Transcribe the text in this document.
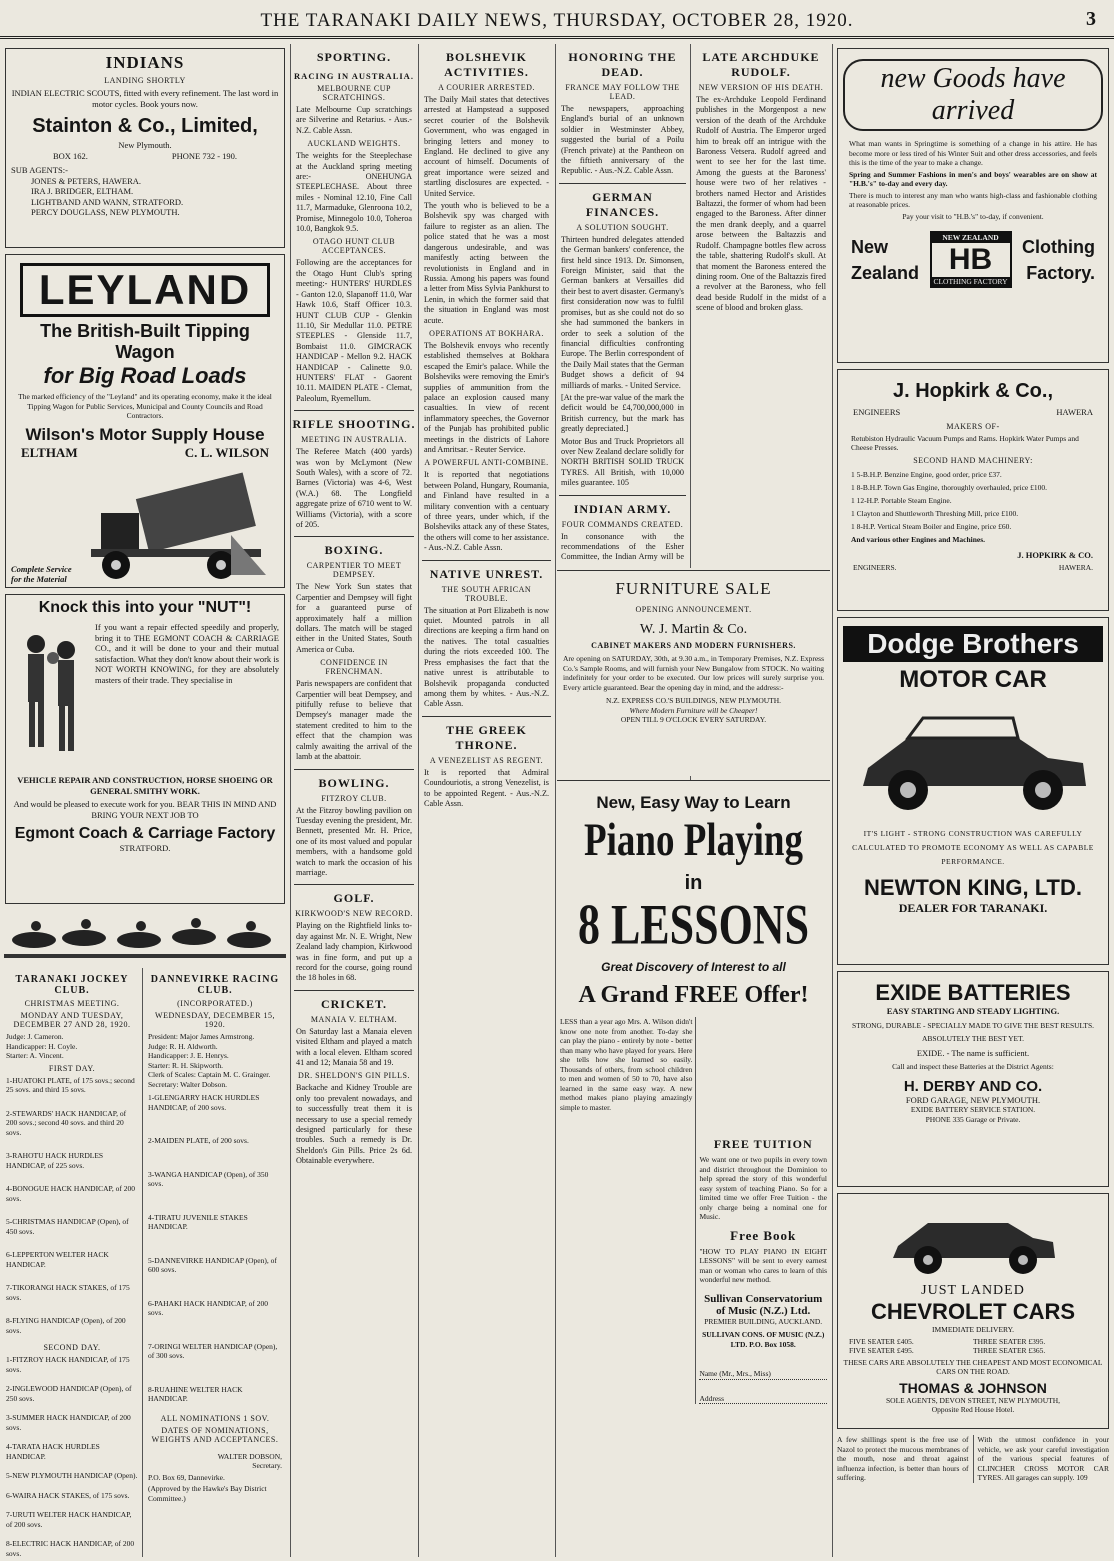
THE TARANAKI DAILY NEWS, THURSDAY, OCTOBER 28, 1920.	3
INDIANS
LANDING SHORTLY
INDIAN ELECTRIC SCOUTS, fitted with every refinement. The last word in motor cycles. Book yours now.
Stainton & Co., Limited,
New Plymouth.
BOX 162.	PHONE 732 - 190.
SUB AGENTS:-
JONES & PETERS, HAWERA.
IRA J. BRIDGER, ELTHAM.
LIGHTBAND AND WANN, STRATFORD.
PERCY DOUGLASS, NEW PLYMOUTH.
LEYLAND
The British-Built Tipping Wagon
for Big Road Loads
The marked efficiency of the "Leyland" and its operating economy, make it the ideal Tipping Wagon for Public Services, Municipal and County Councils and Road Contractors.
Wilson's Motor Supply House
ELTHAM	C. L. WILSON
Complete Service for the Material
Knock this into your "NUT"!
If you want a repair effected speedily and properly, bring it to THE EGMONT COACH & CARRIAGE CO., and it will be done to your and their mutual satisfaction. What they don't know about their work is NOT WORTH KNOWING, for they are absolutely masters of their trade. They specialise in
VEHICLE REPAIR AND CONSTRUCTION, HORSE SHOEING OR GENERAL SMITHY WORK.
And would be pleased to execute work for you. BEAR THIS IN MIND AND BRING YOUR NEXT JOB TO
Egmont Coach & Carriage Factory
STRATFORD.
TARANAKI JOCKEY CLUB.
CHRISTMAS MEETING.
MONDAY AND TUESDAY, DECEMBER 27 AND 28, 1920.
Judge: J. Cameron.
Handicapper: H. Coyle.
Starter: A. Vincent.
FIRST DAY.

1-HUATOKI PLATE, of 175 sovs.; second 25 sovs. and third 15 sovs.

2-STEWARDS' HACK HANDICAP, of 200 sovs.; second 40 sovs. and third 20 sovs.

3-RAHOTU HACK HURDLES HANDICAP, of 225 sovs.

4-BONOGUE HACK HANDICAP, of 200 sovs.

5-CHRISTMAS HANDICAP (Open), of 450 sovs.

6-LEPPERTON WELTER HACK HANDICAP.

7-TIKORANGI HACK STAKES, of 175 sovs.

8-FLYING HANDICAP (Open), of 200 sovs.

SECOND DAY.

1-FITZROY HACK HANDICAP, of 175 sovs.

2-INGLEWOOD HANDICAP (Open), of 250 sovs.

3-SUMMER HACK HANDICAP, of 200 sovs.

4-TARATA HACK HURDLES HANDICAP.

5-NEW PLYMOUTH HANDICAP (Open).

6-WAIRA HACK STAKES, of 175 sovs.

7-URUTI WELTER HACK HANDICAP, of 200 sovs.

8-ELECTRIC HACK HANDICAP, of 200 sovs.

DANNEVIRKE RACING CLUB.
(INCORPORATED.)
WEDNESDAY, DECEMBER 15, 1920.
President: Major James Armstrong.
Judge: R. H. Aldworth.
Handicapper: J. E. Henrys.
Starter: R. H. Skipworth.
Clerk of Scales: Captain M. C. Grainger.
Secretary: Walter Dobson.

1-GLENGARRY HACK HURDLES HANDICAP, of 200 sovs.

2-MAIDEN PLATE, of 200 sovs.

3-WANGA HANDICAP (Open), of 350 sovs.

4-TIRATU JUVENILE STAKES HANDICAP.

5-DANNEVIRKE HANDICAP (Open), of 600 sovs.

6-PAHAKI HACK HANDICAP, of 200 sovs.

7-ORINGI WELTER HANDICAP (Open), of 300 sovs.

8-RUAHINE WELTER HACK HANDICAP.

ALL NOMINATIONS 1 SOV.
DATES OF NOMINATIONS, WEIGHTS AND ACCEPTANCES.
WALTER DOBSON,
Secretary.
P.O. Box 69, Dannevirke.
(Approved by the Hawke's Bay District Committee.)
SPORTING.
RACING IN AUSTRALIA.
MELBOURNE CUP SCRATCHINGS.
Late Melbourne Cup scratchings are Silverine and Retarius. - Aus.-N.Z. Cable Assn.
AUCKLAND WEIGHTS.
The weights for the Steeplechase at the Auckland spring meeting are:- ONEHUNGA STEEPLECHASE. About three miles - Nominal 12.10, Fine Call 11.7, Marmaduke, Glenroona 10.2, Promise, Minnegolo 10.0, Toheroa 10.0, Bangkok 9.5.
OTAGO HUNT CLUB ACCEPTANCES.
Following are the acceptances for the Otago Hunt Club's spring meeting:- HUNTERS' HURDLES - Ganton 12.0, Slapanoff 11.0, War Hawk 10.6, Staff Officer 10.3. HUNT CLUB CUP - Glenkin 11.10, Sir Medullar 11.0. PETRE STEEPLES - Glenside 11.7, Bombaist 11.0. GIMCRACK HANDICAP - Mellon 9.2. HACK HANDICAP - Calinette 9.0. HUNTERS' FLAT - Gaorent 10.11. MAIDEN PLATE - Clemat, Paleolum, Ryemellum.
RIFLE SHOOTING.
MEETING IN AUSTRALIA.
The Referee Match (400 yards) was won by McLymont (New South Wales), with a score of 72. Barnes (Victoria) was 4-6, West (W.A.) 68. The Longfield aggregate prize of 6710 went to W. Williams (Victoria), with a score of 205.
BOXING.
CARPENTIER TO MEET DEMPSEY.
The New York Sun states that Carpentier and Dempsey will fight for a guaranteed purse of approximately half a million dollars. The match will be staged either in the United States, South America or Cuba.
CONFIDENCE IN FRENCHMAN.
Paris newspapers are confident that Carpentier will beat Dempsey, and pitifully refuse to believe that Dempsey's manager made the statement credited to him to the effect that the champion was calmly awaiting the arrival of the lamb at the abattoir.
BOWLING.
FITZROY CLUB.
At the Fitzroy bowling pavilion on Tuesday evening the president, Mr. Bennett, presented Mr. H. Price, one of its most valued and popular members, with a handsome gold watch to mark the occasion of his marriage.
GOLF.
KIRKWOOD'S NEW RECORD.
Playing on the Rightfield links to-day against Mr. N. E. Wright, New Zealand lady champion, Kirkwood was in fine form, and put up a record for the course, going round the 18 holes in 68.
CRICKET.
MANAIA V. ELTHAM.
On Saturday last a Manaia eleven visited Eltham and played a match with a local eleven. Eltham scored 41 and 12; Manaia 58 and 19.
DR. SHELDON'S GIN PILLS.
Backache and Kidney Trouble are only too prevalent nowadays, and to successfully treat them it is necessary to use a special remedy designed particularly for these troubles. Such a remedy is Dr. Sheldon's Gin Pills. Price 2s 6d. Obtainable everywhere.
BOLSHEVIK ACTIVITIES.
A COURIER ARRESTED.
The Daily Mail states that detectives arrested at Hampstead a supposed secret courier of the Bolshevik Government, who was engaged in bringing letters and money to England. He declined to give any account of himself. Documents of great importance were seized and startling disclosures are expected. - United Service.
The youth who is believed to be a Bolshevik spy was charged with failure to register as an alien. The police stated that he was a most dangerous undesirable, and was manifestly acting between the revolutionists in England and in Russia. Among his papers was found a letter from Miss Sylvia Pankhurst to Lenin, in which the former said that the situation in England was most acute.
OPERATIONS AT BOKHARA.
The Bolshevik envoys who recently established themselves at Bokhara escaped the Emir's palace. While the Bolsheviks were removing the Emir's supplies of ammunition from the palace an explosion caused many casualties. In view of recent inflammatory speeches, the Governor of the Punjab has prohibited public meetings in the districts of Lahore and Amritsar. - Reuter Service.
A POWERFUL ANTI-COMBINE.
It is reported that negotiations between Poland, Hungary, Roumania, and Finland have resulted in a military convention with a centuary of three years, under which, if the Bolsheviks attack any of these States, the others will come to her assistance. - Aus.-N.Z. Cable Assn.
NATIVE UNREST.
THE SOUTH AFRICAN TROUBLE.
The situation at Port Elizabeth is now quiet. Mounted patrols in all directions are keeping a firm hand on the natives. The total casualties during the riots exceeded 100. The Press emphasises the fact that the native unrest is attributable to Bolshevik propaganda conducted among them by whites. - Aus.-N.Z. Cable Assn.
THE GREEK THRONE.
A VENEZELIST AS REGENT.
It is reported that Admiral Coundouriotis, a strong Venezelist, is to be appointed Regent. - Aus.-N.Z. Cable Assn.
HONORING THE DEAD.
FRANCE MAY FOLLOW THE LEAD.
The newspapers, approaching England's burial of an unknown soldier in Westminster Abbey, suggested the burial of a Poilu (French private) at the Pantheon on the fiftieth anniversary of the Republic. - Aus.-N.Z. Cable Assn.
GERMAN FINANCES.
A SOLUTION SOUGHT.
Thirteen hundred delegates attended the German bankers' conference, the first held since 1913. Dr. Simonsen, Foreign Minister, said that the German bankers at Versailles did their best to avert disaster. Germany's first consideration now was to fulfil promises, but as she could not do so she had summoned the bankers in order to seek a solution of the financial difficulties confronting Europe. The Berlin correspondent of the Daily Mail states that the German Budget shows a deficit of 94 milliards of marks. - United Service.
[At the pre-war value of the mark the deficit would be £4,700,000,000 in British currency, but the mark has greatly depreciated.]
Motor Bus and Truck Proprietors all over New Zealand declare solidly for NORTH BRITISH SOLID TRUCK TYRES. All British, with 10,000 miles guarantee. 105
INDIAN ARMY.
FOUR COMMANDS CREATED.
In consonance with the recommendations of the Esher Committee, the Indian Army will be
LATE ARCHDUKE RUDOLF.
NEW VERSION OF HIS DEATH.
The ex-Archduke Leopold Ferdinand publishes in the Morgenpost a new version of the death of the Archduke Rudolf of Austria. The Emperor urged him to break off an intrigue with the Baroness Vetsera. Rudolf agreed and went to see her for the last time. Among the guests at the Baroness' house were two of her relatives - brothers named Hector and Aristides Baltazzi, the former of whom had been engaged to the Baroness. After dinner the men drank deeply, and a quarrel arose between the Baltazzis and Rudolf. Champagne bottles flew across the table, shattering Rudolf's skull. At that moment the Baroness entered the dining room. One of the Baltazzis fired a revolver at the Baroness, who fell dead beside Rudolf in the midst of a scene of blood and broken glass.
FURNITURE SALE
OPENING ANNOUNCEMENT.
W. J. Martin & Co.
CABINET MAKERS AND MODERN FURNISHERS.
Are opening on SATURDAY, 30th, at 9.30 a.m., in Temporary Premises, N.Z. Express Co.'s Sample Rooms, and will furnish your New Bungalow from STOCK. No waiting indefinitely for your order to be executed. Our low prices will surely surprise you. Every article guaranteed. Bear the opening day in mind, and the address:-
N.Z. EXPRESS CO.'S BUILDINGS, NEW PLYMOUTH.
Where Modern Furniture will be Cheaper!
OPEN TILL 9 O'CLOCK EVERY SATURDAY.
New, Easy Way to Learn
Piano Playing
in
8 LESSONS
Great Discovery of Interest to all
A Grand FREE Offer!
LESS than a year ago Mrs. A. Wilson didn't know one note from another. To-day she can play the piano - entirely by note - better than many who have played for years. Here she tells how she learned so easily. Thousands of others, from school children to men and women of 50 to 70, have also learned in the same easy way. A new method makes piano playing amazingly simple to master.
FREE TUITION
We want one or two pupils in every town and district throughout the Dominion to help spread the story of this wonderful easy system of teaching Piano. So for a limited time we offer Free Tuition - the only charge being a nominal one for Music.
Free Book
"HOW TO PLAY PIANO IN EIGHT LESSONS" will be sent to every earnest man or woman who cares to learn of this wonderful new method.
Sullivan Conservatorium of Music (N.Z.) Ltd.
PREMIER BUILDING, AUCKLAND.
SULLIVAN CONS. OF MUSIC (N.Z.) LTD. P.O. Box 1058.
Name (Mr., Mrs., Miss)
Address
new Goods have arrived
What man wants in Springtime is something of a change in his attire. He has become more or less tired of his Winter Suit and other dress accessories, and feels this is the time of the year to make a change.
Spring and Summer Fashions in men's and boys' wearables are on show at "H.B.'s" to-day and every day.
There is much to interest any man who wants high-class and fashionable clothing at reasonable prices.
Pay your visit to "H.B.'s" to-day, if convenient.
New
Zealand
NEW ZEALAND
HB
CLOTHING FACTORY
Clothing
Factory.
J. Hopkirk & Co.,
ENGINEERS	HAWERA
MAKERS OF-
Retubiston Hydraulic Vacuum Pumps and Rams. Hopkirk Water Pumps and Cheese Presses.
SECOND HAND MACHINERY:
1 5-B.H.P. Benzine Engine, good order, price £37.
1 8-B.H.P. Town Gas Engine, thoroughly overhauled, price £100.
1 12-H.P. Portable Steam Engine.
1 Clayton and Shuttleworth Threshing Mill, price £100.
1 8-H.P. Vertical Steam Boiler and Engine, price £60.
And various other Engines and Machines.
J. HOPKIRK & CO.
ENGINEERS.	HAWERA.
Dodge Brothers
MOTOR CAR
IT'S LIGHT - STRONG CONSTRUCTION WAS CAREFULLY CALCULATED TO PROMOTE ECONOMY AS WELL AS CAPABLE PERFORMANCE.
NEWTON KING, LTD.
DEALER FOR TARANAKI.
EXIDE BATTERIES
EASY STARTING AND STEADY LIGHTING.
STRONG, DURABLE - SPECIALLY MADE TO GIVE THE BEST RESULTS.
ABSOLUTELY THE BEST YET.
EXIDE. - The name is sufficient.
Call and inspect these Batteries at the District Agents:
H. DERBY AND CO.
FORD GARAGE, NEW PLYMOUTH.
EXIDE BATTERY SERVICE STATION.
PHONE 335 Garage or Private.
JUST LANDED
CHEVROLET CARS
IMMEDIATE DELIVERY.
FIVE SEATER £405.	THREE SEATER £395.
FIVE SEATER £495.	THREE SEATER £365.
THESE CARS ARE ABSOLUTELY THE CHEAPEST AND MOST ECONOMICAL CARS ON THE ROAD.
THOMAS & JOHNSON
SOLE AGENTS, DEVON STREET, NEW PLYMOUTH,
Opposite Red House Hotel.
A few shillings spent is the free use of Nazol to protect the mucous membranes of the mouth, nose and throat against influenza infection, is better than hours of suffering.
With the utmost confidence in your vehicle, we ask your careful investigation of the various special features of CLINCHER CROSS MOTOR CAR TYRES. All garages can supply. 109
